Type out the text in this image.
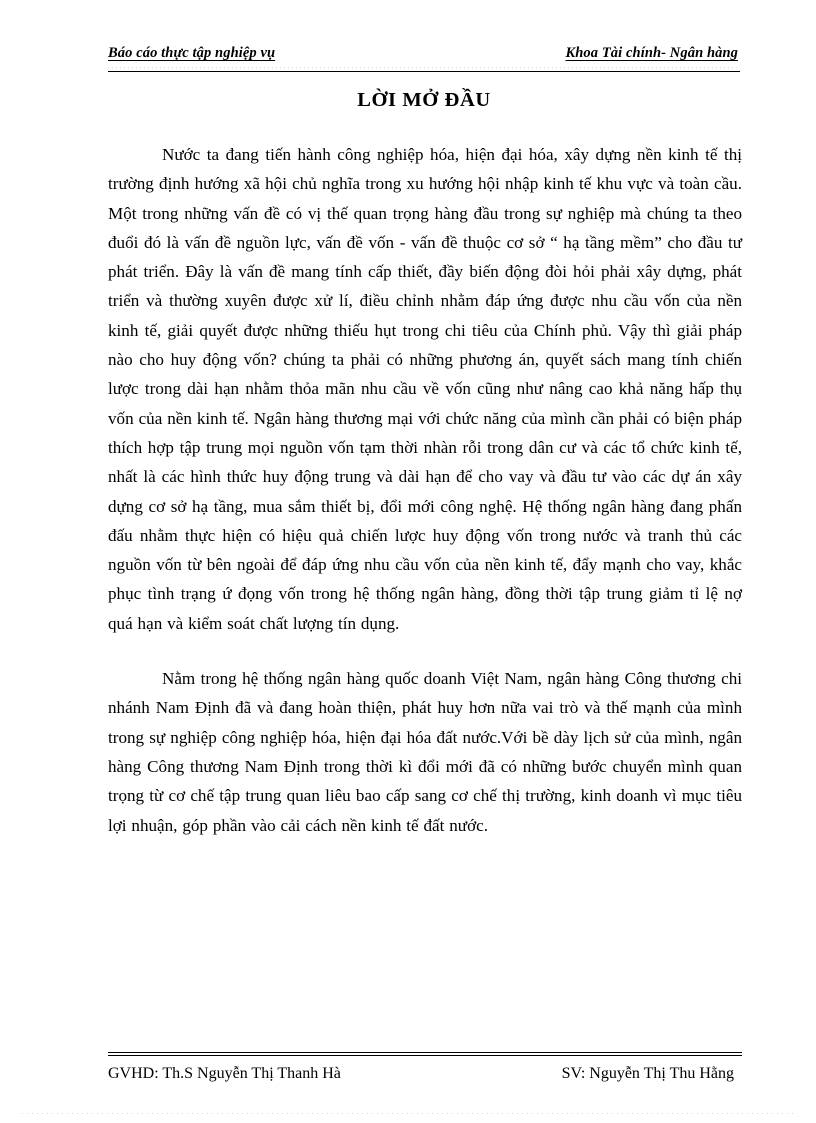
Báo cáo thực tập nghiệp vụ	Khoa Tài chính- Ngân hàng
LỜI MỞ ĐẦU

Nước ta đang tiến hành công nghiệp hóa, hiện đại hóa, xây dựng nền kinh tế thị trường định hướng xã hội chủ nghĩa trong xu hướng hội nhập kinh tế khu vực và toàn cầu. Một trong những vấn đề có vị thế quan trọng hàng đầu trong sự nghiệp mà chúng ta theo đuổi đó là vấn đề nguồn lực, vấn đề vốn - vấn đề thuộc cơ sở “ hạ tầng mềm” cho đầu tư phát triển. Đây là vấn đề mang tính cấp thiết, đầy biến động đòi hỏi phải xây dựng, phát triển và thường xuyên được xử lí, điều chỉnh nhằm đáp ứng được nhu cầu vốn của nền kinh tế, giải quyết được những thiếu hụt trong chi tiêu của Chính phủ. Vậy thì giải pháp nào cho huy động vốn? chúng ta phải có những phương án, quyết sách mang tính chiến lược trong dài hạn nhằm thỏa mãn nhu cầu về vốn cũng như nâng cao khả năng hấp thụ vốn của nền kinh tế. Ngân hàng thương mại với chức năng của mình cần phải có biện pháp thích hợp tập trung mọi nguồn vốn tạm thời nhàn rỗi trong dân cư và các tổ chức kinh tế, nhất là các hình thức huy động trung và dài hạn để cho vay và đầu tư vào các dự án xây dựng cơ sở hạ tầng, mua sắm thiết bị, đổi mới công nghệ. Hệ thống ngân hàng đang phấn đấu nhằm thực hiện có hiệu quả chiến lược huy động vốn trong nước và tranh thủ các nguồn vốn từ bên ngoài để đáp ứng nhu cầu vốn của nền kinh tế, đẩy mạnh cho vay, khắc phục tình trạng ứ đọng vốn trong hệ thống ngân hàng, đồng thời tập trung giảm tỉ lệ nợ quá hạn và kiểm soát chất lượng tín dụng.

Nằm trong hệ thống ngân hàng quốc doanh Việt Nam, ngân hàng Công thương chi nhánh Nam Định đã và đang hoàn thiện, phát huy hơn nữa vai trò và thế mạnh của mình trong sự nghiệp công nghiệp hóa, hiện đại hóa đất nước.Với bề dày lịch sử của mình, ngân hàng Công thương Nam Định trong thời kì đổi mới đã có những bước chuyển mình quan trọng từ cơ chế tập trung quan liêu bao cấp sang cơ chế thị trường, kinh doanh vì mục tiêu lợi nhuận, góp phần vào cải cách nền kinh tế đất nước.

GVHD: Th.S Nguyễn Thị Thanh Hà	SV: Nguyễn Thị Thu Hằng
